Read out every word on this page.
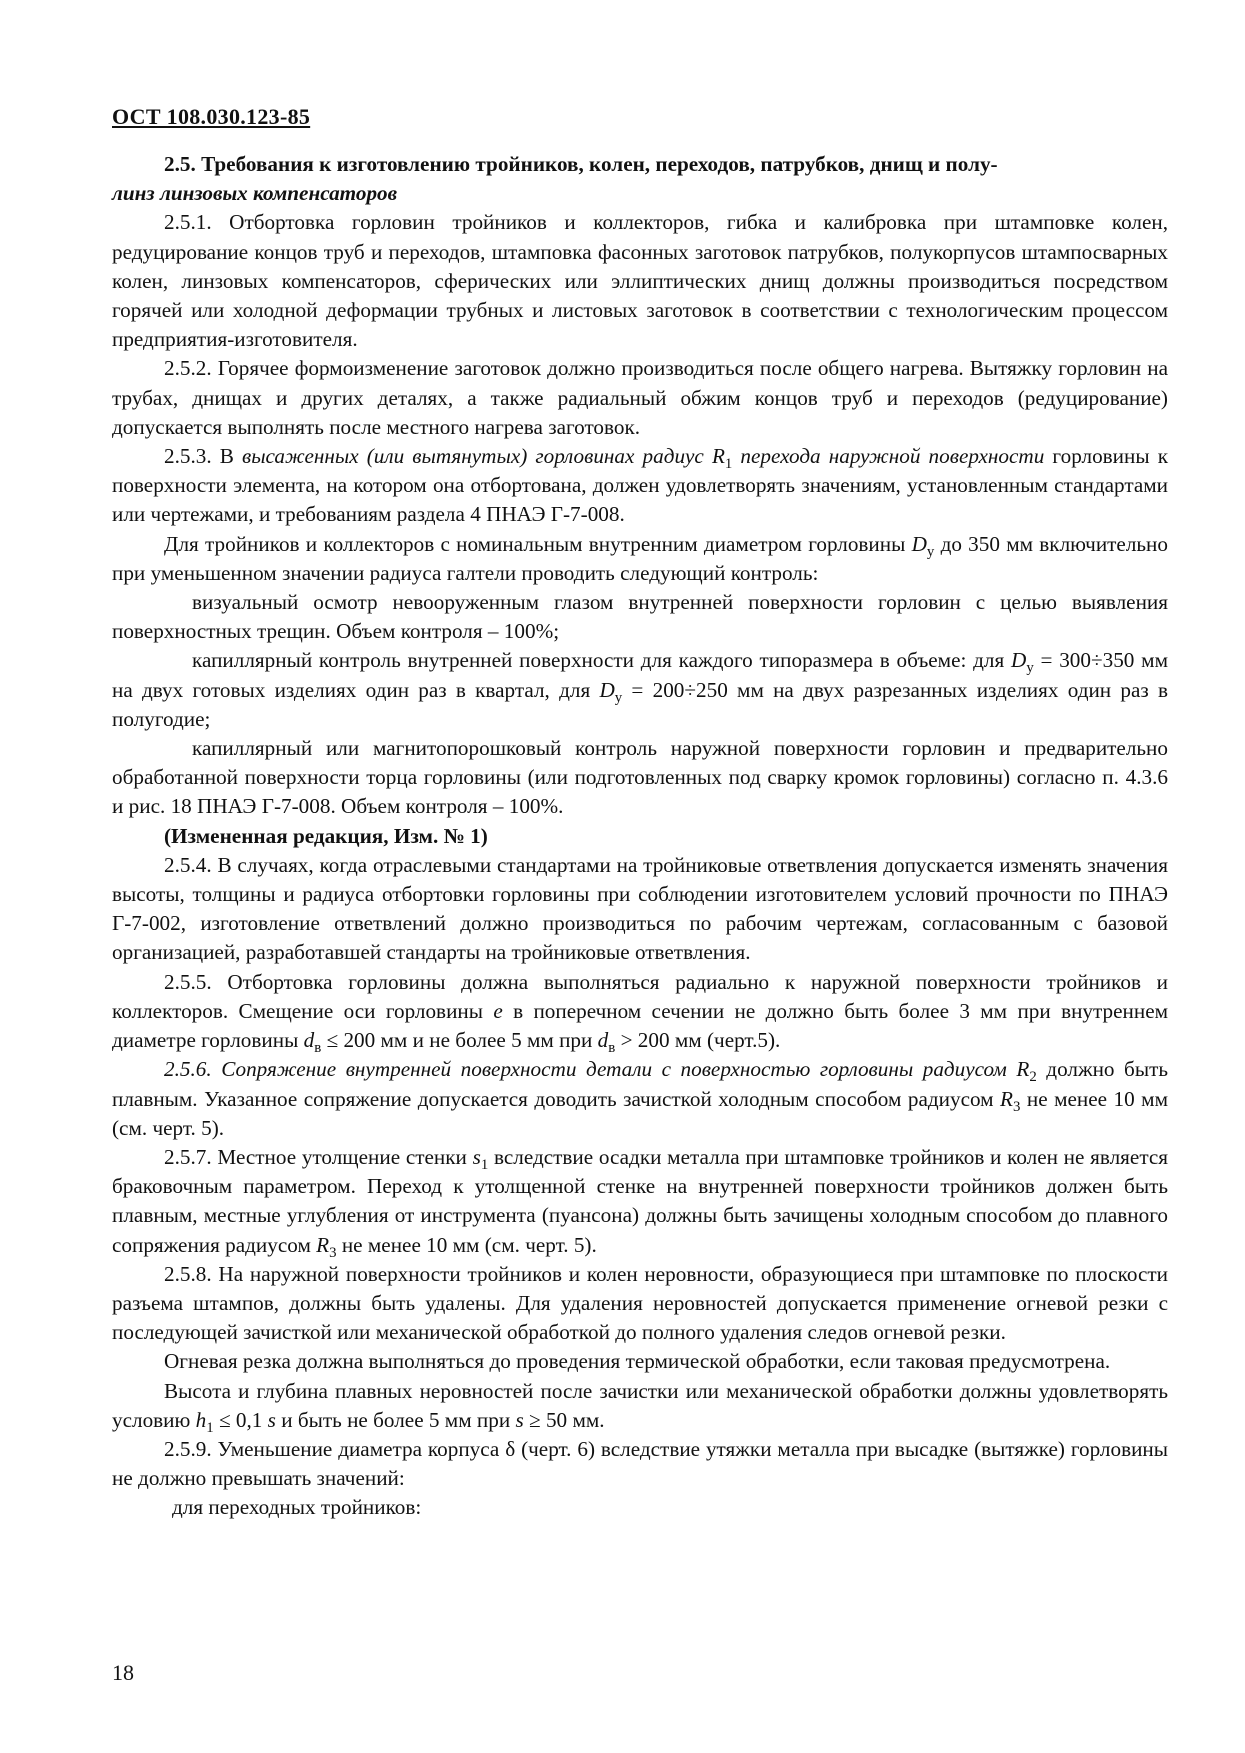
ОСТ 108.030.123-85

2.5. Требования к изготовлению тройников, колен, переходов, патрубков, днищ и полу-
линз линзовых компенсаторов

2.5.1. Отбортовка горловин тройников и коллекторов, гибка и калибровка при штамповке колен, редуцирование концов труб и переходов, штамповка фасонных заготовок патрубков, полукорпусов штампосварных колен, линзовых компенсаторов, сферических или эллиптических днищ должны производиться посредством горячей или холодной деформации трубных и листовых заготовок в соответствии с технологическим процессом предприятия-изготовителя.

2.5.2. Горячее формоизменение заготовок должно производиться после общего нагрева. Вытяжку горловин на трубах, днищах и других деталях, а также радиальный обжим концов труб и переходов (редуцирование) допускается выполнять после местного нагрева заготовок.

2.5.3. В высаженных (или вытянутых) горловинах радиус $R_1$ перехода наружной поверхности горловины к поверхности элемента, на котором она отбортована, должен удовлетворять значениям, установленным стандартами или чертежами, и требованиям раздела 4 ПНАЭ Г-7-008.

Для тройников и коллекторов с номинальным внутренним диаметром горловины $D_у$ до 350 мм включительно при уменьшенном значении радиуса галтели проводить следующий контроль:

визуальный осмотр невооруженным глазом внутренней поверхности горловин с целью выявления поверхностных трещин. Объем контроля – 100%;

капиллярный контроль внутренней поверхности для каждого типоразмера в объеме: для $D_у = 300\div 350$ мм на двух готовых изделиях один раз в квартал, для $D_у = 200\div 250$ мм на двух разрезанных изделиях один раз в полугодие;

капиллярный или магнитопорошковый контроль наружной поверхности горловин и предварительно обработанной поверхности торца горловины (или подготовленных под сварку кромок горловины) согласно п. 4.3.6 и рис. 18 ПНАЭ Г-7-008. Объем контроля – 100%.

(Измененная редакция, Изм. № 1)

2.5.4. В случаях, когда отраслевыми стандартами на тройниковые ответвления допускается изменять значения высоты, толщины и радиуса отбортовки горловины при соблюдении изготовителем условий прочности по ПНАЭ Г-7-002, изготовление ответвлений должно производиться по рабочим чертежам, согласованным с базовой организацией, разработавшей стандарты на тройниковые ответвления.

2.5.5. Отбортовка горловины должна выполняться радиально к наружной поверхности тройников и коллекторов. Смещение оси горловины е в поперечном сечении не должно быть более 3 мм при внутреннем диаметре горловины $d_в \le 200$ мм и не более 5 мм при $d_в > 200$ мм (черт.5).

2.5.6. Сопряжение внутренней поверхности детали с поверхностью горловины радиусом $R_2$ должно быть плавным. Указанное сопряжение допускается доводить зачисткой холодным способом радиусом $R_3$ не менее 10 мм (см. черт. 5).

2.5.7. Местное утолщение стенки $s_1$ вследствие осадки металла при штамповке тройников и колен не является браковочным параметром. Переход к утолщенной стенке на внутренней поверхности тройников должен быть плавным, местные углубления от инструмента (пуансона) должны быть зачищены холодным способом до плавного сопряжения радиусом $R_3$ не менее 10 мм (см. черт. 5).

2.5.8. На наружной поверхности тройников и колен неровности, образующиеся при штамповке по плоскости разъема штампов, должны быть удалены. Для удаления неровностей допускается применение огневой резки с последующей зачисткой или механической обработкой до полного удаления следов огневой резки.

Огневая резка должна выполняться до проведения термической обработки, если таковая предусмотрена.

Высота и глубина плавных неровностей после зачистки или механической обработки должны удовлетворять условию $h_1 \le 0,1$ s и быть не более 5 мм при s ≥ 50 мм.

2.5.9. Уменьшение диаметра корпуса δ (черт. 6) вследствие утяжки металла при высадке (вытяжке) горловины не должно превышать значений:

для переходных тройников:

18
